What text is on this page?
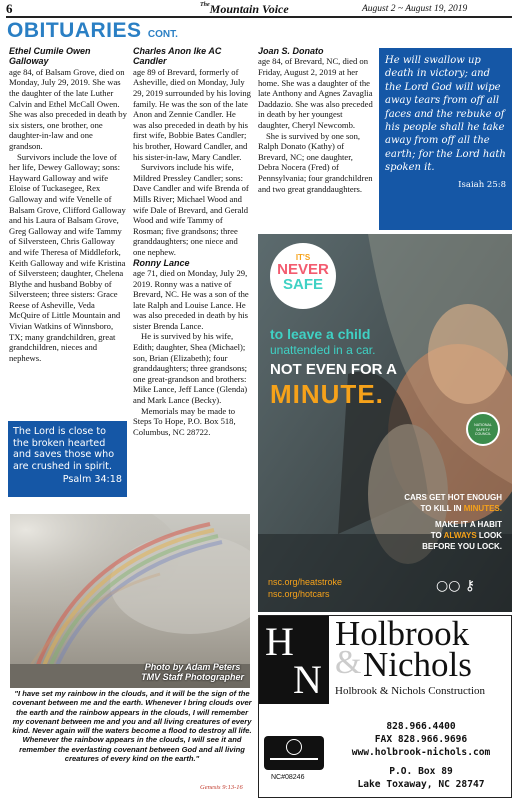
6	$^{The}$Mountain Voice	August 2 ~ August 19, 2019
OBITUARIES CONT.

Ethel Cumile Owen Galloway

age 84, of Balsam Grove, died on Monday, July 29, 2019. She was the daughter of the late Luther Calvin and Ethel McCall Owen. She was also preceded in death by six sisters, one brother, one daughter-in-law and one grandson.

Survivors include the love of her life, Dewey Galloway; sons: Hayward Galloway and wife Eloise of Tuckasegee, Rex Galloway and wife Venelle of Balsam Grove, Clifford Galloway and his Laura of Balsam Grove, Greg Galloway and wife Tammy of Silversteen, Chris Galloway and wife Theresa of Middlefork, Keith Galloway and wife Kristina of Silversteen; daughter, Chelena Blythe and husband Bobby of Silversteen; three sisters: Grace Reese of Asheville, Veda McQuire of Little Mountain and Vivian Watkins of Winnsboro, TX; many grandchildren, great grandchildren, nieces and nephews.

The Lord is close to the broken hearted and saves those who are crushed in spirit.
Psalm 34:18

Charles Anon Ike AC Candler

age 89 of Brevard, formerly of Asheville, died on Monday, July 29, 2019 surrounded by his loving family. He was the son of the late Anon and Zennie Candler. He was also preceded in death by his first wife, Bobbie Bates Candler; his brother, Howard Candler, and his sister-in-law, Mary Candler.

Survivors include his wife, Mildred Pressley Candler; sons: Dave Candler and wife Brenda of Mills River; Michael Wood and wife Dale of Brevard, and Gerald Wood and wife Tammy of Rosman; five grandsons; three granddaughters; one niece and one nephew.

Ronny Lance

age 71, died on Monday, July 29, 2019. Ronny was a native of Brevard, NC. He was a son of the late Ralph and Louise Lance. He was also preceded in death by his sister Brenda Lance.

He is survived by his wife, Edith; daughter, Shea (Michael); son, Brian (Elizabeth); four granddaughters; three grandsons; one great-grandson and brothers: Mike Lance, Jeff Lance (Glenda) and Mark Lance (Becky).

Memorials may be made to Steps To Hope, P.O. Box 518, Columbus, NC 28722.

Joan S. Donato

age 84, of Brevard, NC, died on Friday, August 2, 2019 at her home. She was a daughter of the late Anthony and Agnes Zavaglia Daddazio. She was also preceded in death by her youngest daughter, Cheryl Newcomb.

She is survived by one son, Ralph Donato (Kathy) of Brevard, NC; one daughter, Debra Nocera (Fred) of Pennsylvania; four grandchildren and two great granddaughters.

He will swallow up death in victory; and the Lord God will wipe away tears from off all faces and the rebuke of his people shall he take away from off all the earth; for the Lord hath spoken it.
Isaiah 25:8
Photo by Adam Peters
TMV Staff Photographer
"I have set my rainbow in the clouds, and it will be the sign of the covenant between me and the earth. Whenever I bring clouds over the earth and the rainbow appears in the clouds, I will remember my covenant between me and you and all living creatures of every kind. Never again will the waters become a flood to destroy all life. Whenever the rainbow appears in the clouds, I will see it and remember the everlasting covenant between God and all living creatures of every kind on the earth."
Genesis 9:13-16
IT'S
NEVER
SAFE
to leave a child
unattended in a car.
NOT EVEN FOR A
MINUTE.
NATIONAL SAFETY COUNCIL
CARS GET HOT ENOUGH
TO KILL IN MINUTES.
MAKE IT A HABIT
TO ALWAYS LOOK
BEFORE YOU LOCK.
○○ ⚷
nsc.org/heatstroke
nsc.org/hotcars
H
N
Holbrook
& Nichols
Holbrook & Nichols Construction
828.966.4400
FAX 828.966.9696
www.holbrook-nichols.com
NC#08246
P.O. Box 89
Lake Toxaway, NC 28747
